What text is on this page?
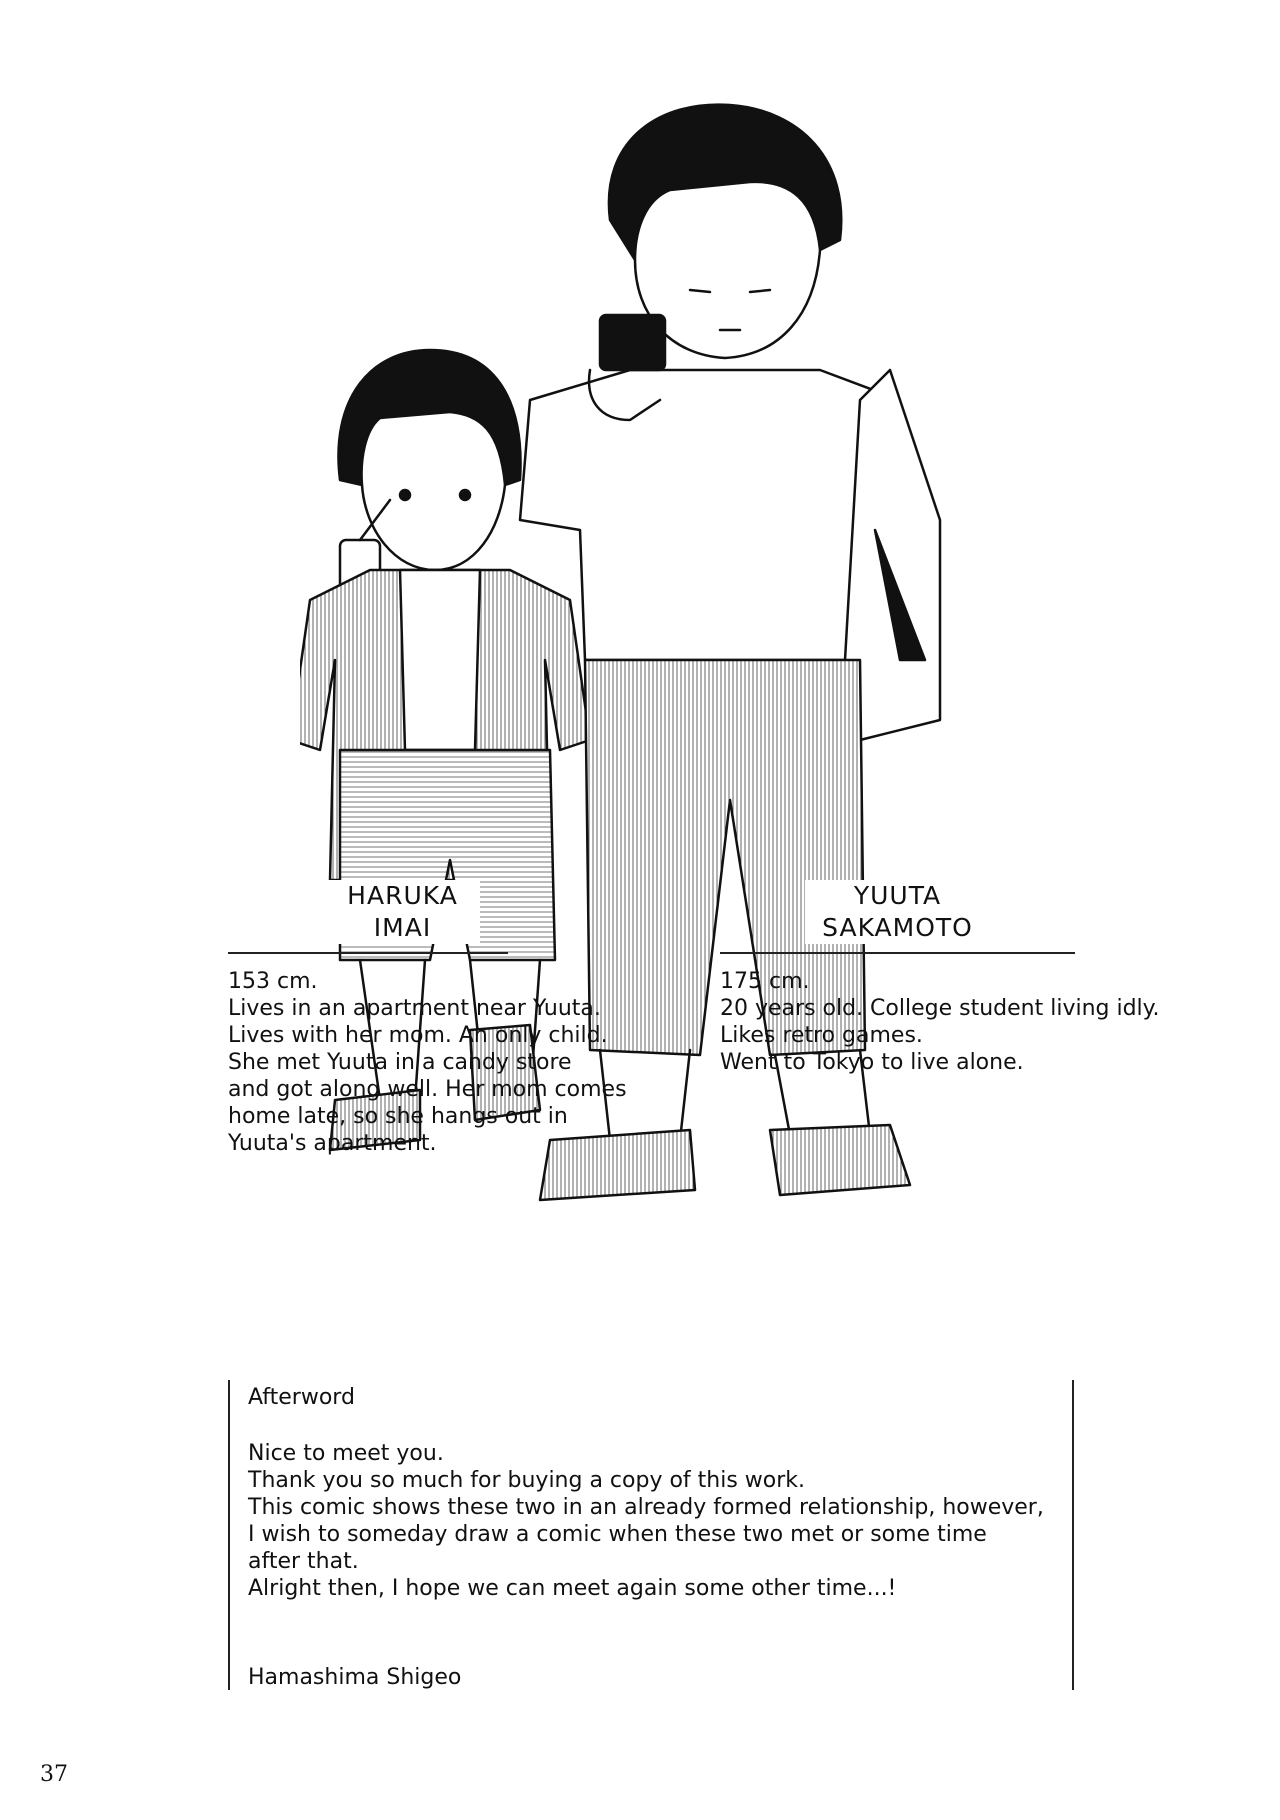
HARUKA
IMAI
YUUTA
SAKAMOTO
153 cm.
Lives in an apartment near Yuuta.
Lives with her mom. An only child.
She met Yuuta in a candy store
and got along well. Her mom comes
home late, so she hangs out in
Yuuta's apartment.
175 cm.
20 years old. College student living idly.
Likes retro games.
Went to Tokyo to live alone.
Afterword
Nice to meet you.
Thank you so much for buying a copy of this work.
This comic shows these two in an already formed relationship, however,
I wish to someday draw a comic when these two met or some time
after that.
Alright then, I hope we can meet again some other time...!
Hamashima Shigeo
37
